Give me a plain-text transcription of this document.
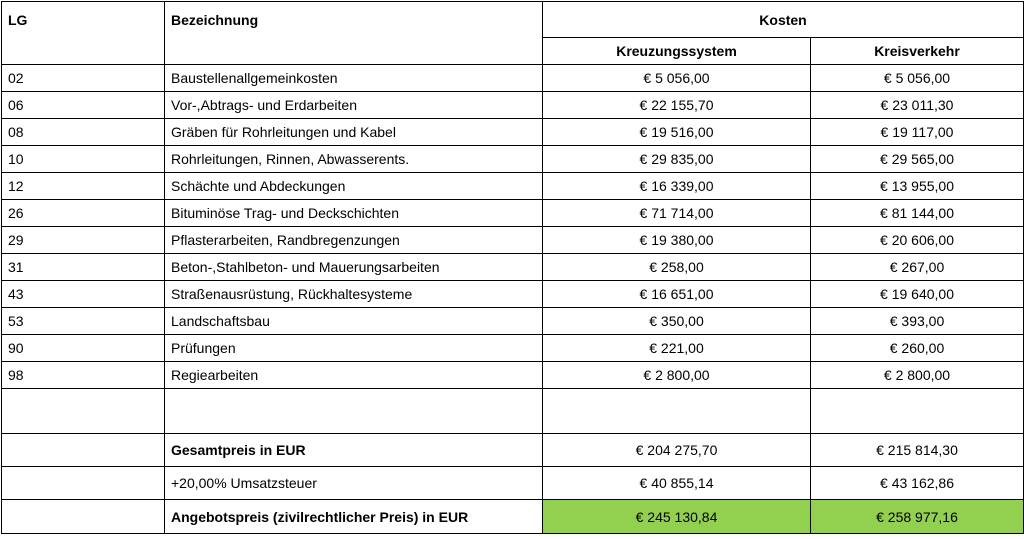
LG	Bezeichnung	Kosten	
		Kreuzungssystem	Kreisverkehr
02	Baustellenallgemeinkosten	€ 5 056,00	€ 5 056,00
06	Vor-,Abtrags- und Erdarbeiten	€ 22 155,70	€ 23 011,30
08	Gräben für Rohrleitungen und Kabel	€ 19 516,00	€ 19 117,00
10	Rohrleitungen, Rinnen, Abwasserents.	€ 29 835,00	€ 29 565,00
12	Schächte und Abdeckungen	€ 16 339,00	€ 13 955,00
26	Bituminöse Trag- und Deckschichten	€ 71 714,00	€ 81 144,00
29	Pflasterarbeiten, Randbregenzungen	€ 19 380,00	€ 20 606,00
31	Beton-,Stahlbeton- und Mauerungsarbeiten	€ 258,00	€ 267,00
43	Straßenausrüstung, Rückhaltesysteme	€ 16 651,00	€ 19 640,00
53	Landschaftsbau	€ 350,00	€ 393,00
90	Prüfungen	€ 221,00	€ 260,00
98	Regiearbeiten	€ 2 800,00	€ 2 800,00

	Gesamtpreis in EUR	€ 204 275,70	€ 215 814,30
	+20,00% Umsatzsteuer	€ 40 855,14	€ 43 162,86
	Angebotspreis (zivilrechtlicher Preis) in EUR	€ 245 130,84	€ 258 977,16
